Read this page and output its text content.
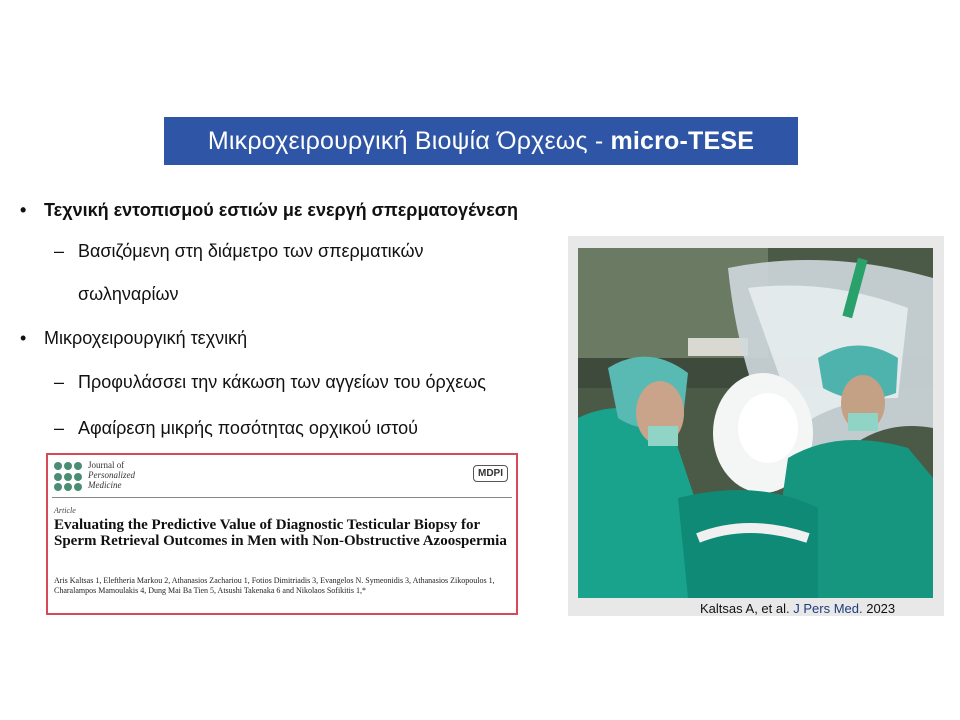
Μικροχειρουργική Βιοψία Όρχεως - micro-TESE
• Τεχνική εντοπισμού εστιών με ενεργή σπερματογένεση
– Βασιζόμενη στη διάμετρο των σπερματικών
σωληναρίων
• Μικροχειρουργική τεχνική
– Προφυλάσσει την κάκωση των αγγείων του όρχεως
– Αφαίρεση μικρής ποσότητας ορχικού ιστού
Journal of
Personalized
Medicine
MDPI
Article
Evaluating the Predictive Value of Diagnostic Testicular Biopsy for Sperm Retrieval Outcomes in Men with Non-Obstructive Azoospermia
Aris Kaltsas 1, Eleftheria Markou 2, Athanasios Zachariou 1, Fotios Dimitriadis 3, Evangelos N. Symeonidis 3, Athanasios Zikopoulos 1, Charalampos Mamoulakis 4, Dung Mai Ba Tien 5, Atsushi Takenaka 6 and Nikolaos Sofikitis 1,*
Kaltsas A, et al. J Pers Med. 2023
